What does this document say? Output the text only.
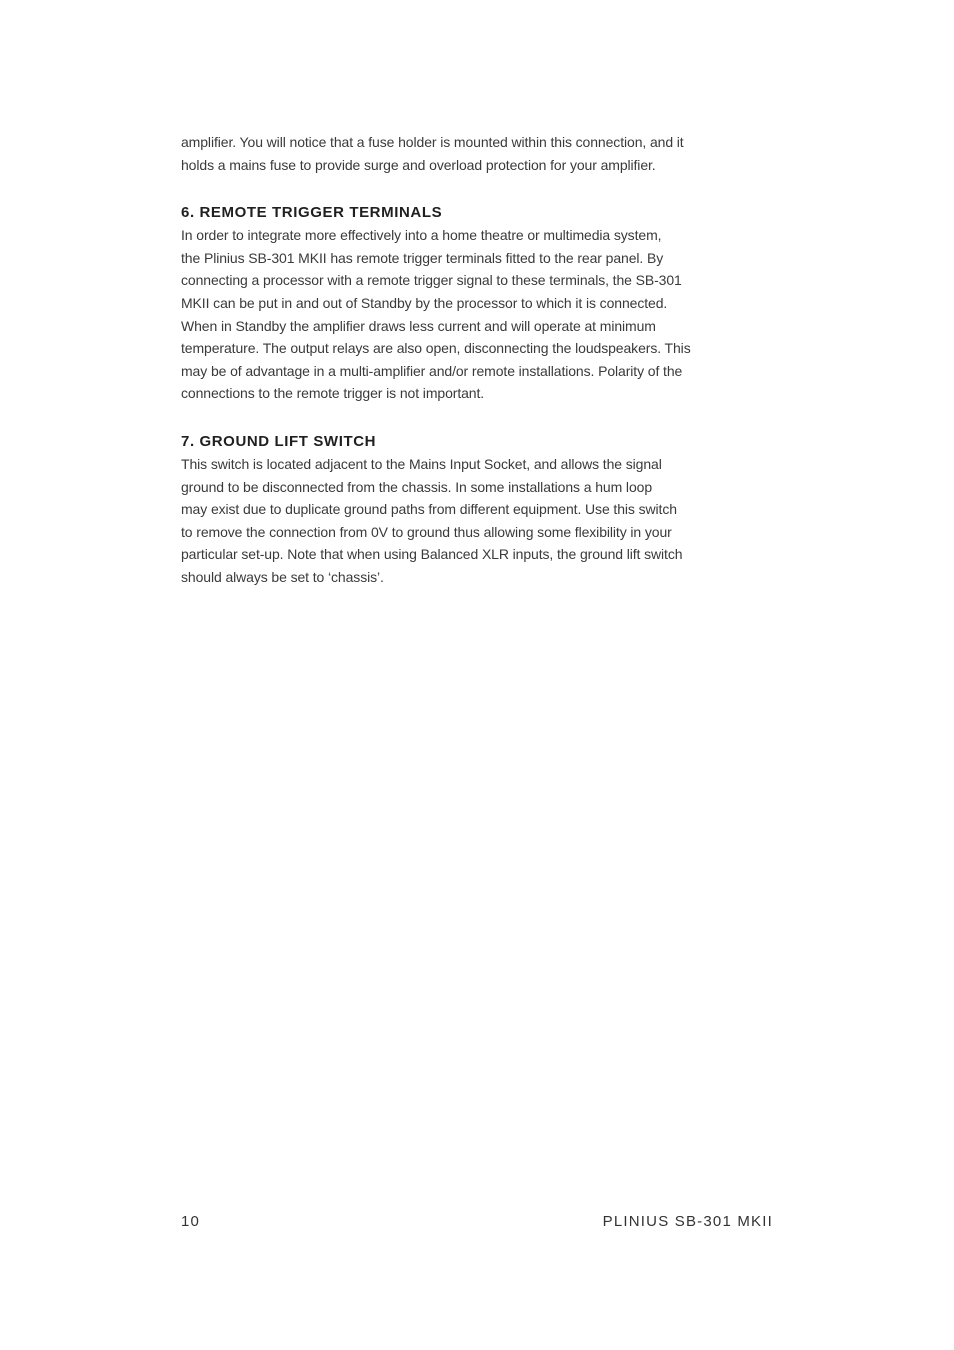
amplifier. You will notice that a fuse holder is mounted within this connection, and it
holds a mains fuse to provide surge and overload protection for your amplifier.

6. REMOTE TRIGGER TERMINALS

In order to integrate more effectively into a home theatre or multimedia system,
the Plinius SB-301 MKII has remote trigger terminals fitted to the rear panel. By
connecting a processor with a remote trigger signal to these terminals, the SB-301
MKII can be put in and out of Standby by the processor to which it is connected.
When in Standby the amplifier draws less current and will operate at minimum
temperature. The output relays are also open, disconnecting the loudspeakers. This
may be of advantage in a multi-amplifier and/or remote installations. Polarity of the
connections to the remote trigger is not important.

7. GROUND LIFT SWITCH

This switch is located adjacent to the Mains Input Socket, and allows the signal
ground to be disconnected from the chassis. In some installations a hum loop
may exist due to duplicate ground paths from different equipment. Use this switch
to remove the connection from 0V to ground thus allowing some flexibility in your
particular set-up. Note that when using Balanced XLR inputs, the ground lift switch
should always be set to ‘chassis’.

10	PLINIUS SB-301 MKII
